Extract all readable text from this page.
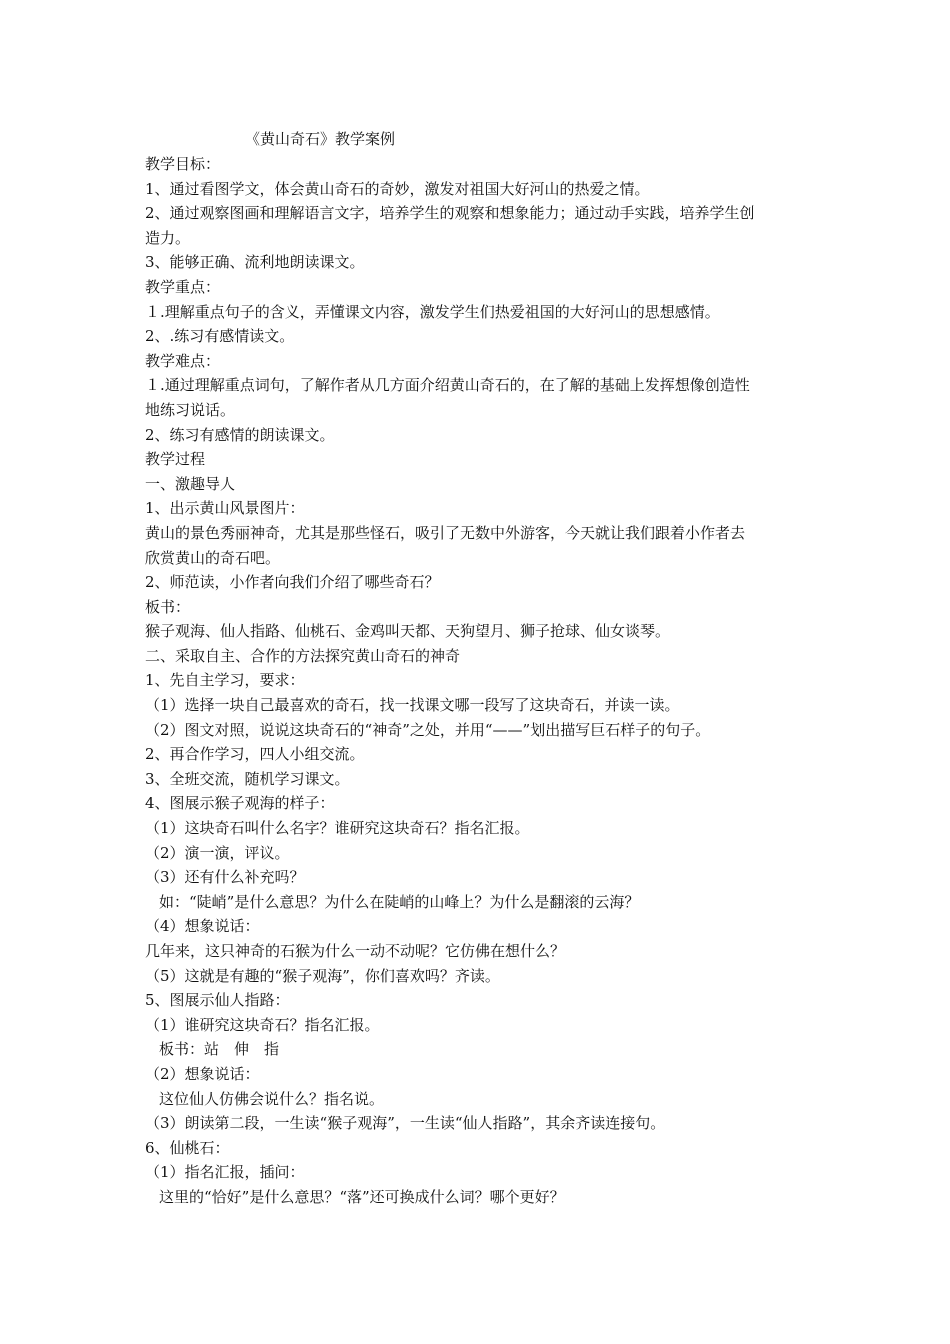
《黄山奇石》教学案例
教学目标：
1、通过看图学文，体会黄山奇石的奇妙，激发对祖国大好河山的热爱之情。
2、通过观察图画和理解语言文字，培养学生的观察和想象能力；通过动手实践，培养学生创
造力。
3、能够正确、流利地朗读课文。
教学重点：
１.理解重点句子的含义，弄懂课文内容，激发学生们热爱祖国的大好河山的思想感情。
2、.练习有感情读文。
教学难点：
１.通过理解重点词句，了解作者从几方面介绍黄山奇石的，在了解的基础上发挥想像创造性
地练习说话。
2、练习有感情的朗读课文。
教学过程
一、激趣导人
1、出示黄山风景图片：
黄山的景色秀丽神奇，尤其是那些怪石，吸引了无数中外游客，今天就让我们跟着小作者去
欣赏黄山的奇石吧。
2、师范读，小作者向我们介绍了哪些奇石？
板书：
猴子观海、仙人指路、仙桃石、金鸡叫天都、天狗望月、狮子抢球、仙女谈琴。
二、采取自主、合作的方法探究黄山奇石的神奇
1、先自主学习，要求：
（1）选择一块自己最喜欢的奇石，找一找课文哪一段写了这块奇石，并读一读。
（2）图文对照，说说这块奇石的“神奇”之处，并用“——”划出描写巨石样子的句子。
2、再合作学习，四人小组交流。
3、全班交流，随机学习课文。
4、图展示猴子观海的样子：
（1）这块奇石叫什么名字？谁研究这块奇石？指名汇报。
（2）演一演，评议。
（3）还有什么补充吗？
如：“陡峭”是什么意思？为什么在陡峭的山峰上？为什么是翻滚的云海？
（4）想象说话：
几年来，这只神奇的石猴为什么一动不动呢？它仿佛在想什么？
（5）这就是有趣的“猴子观海”，你们喜欢吗？齐读。
5、图展示仙人指路：
（1）谁研究这块奇石？指名汇报。
板书：站　伸　指
（2）想象说话：
这位仙人仿佛会说什么？指名说。
（3）朗读第二段，一生读“猴子观海”，一生读“仙人指路”，其余齐读连接句。
6、仙桃石：
（1）指名汇报，插问：
这里的“恰好”是什么意思？“落”还可换成什么词？哪个更好？
